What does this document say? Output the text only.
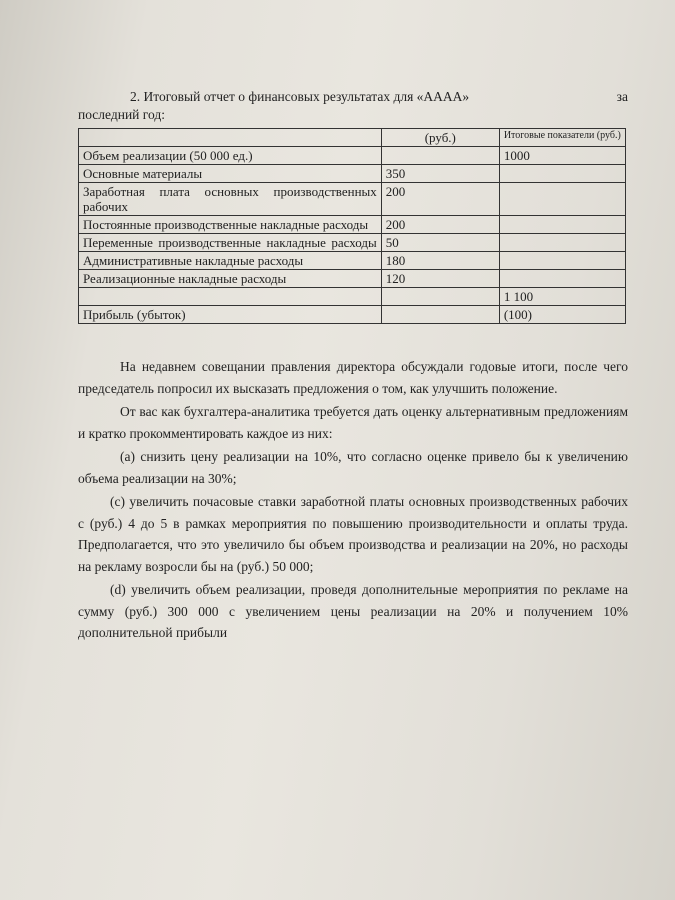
2. Итоговый отчет о финансовых результатах для «АААА»	за
последний год:
	(руб.)	Итоговые показатели (руб.)
Объем реализации (50 000 ед.)		1000
Основные материалы	350	
Заработная плата основных производственных рабочих	200	
Постоянные производственные накладные расходы	200	
Переменные производственные накладные расходы	50	
Административные накладные расходы	180	
Реализационные накладные расходы	120	
		1 100
Прибыль (убыток)		(100)

На недавнем совещании правления директора обсуждали годовые итоги, после чего председатель попросил их высказать предложения о том, как улучшить положение.

От вас как бухгалтера-аналитика требуется дать оценку альтернативным предложениям и кратко прокомментировать каждое из них:

(а) снизить цену реализации на 10%, что согласно оценке привело бы к увеличению объема реализации на 30%;

(с) увеличить почасовые ставки заработной платы основных производственных рабочих с (руб.) 4 до 5 в рамках мероприятия по повышению производительности и оплаты труда. Предполагается, что это увеличило бы объем производства и реализации на 20%, но расходы на рекламу возросли бы на (руб.) 50 000;

(d) увеличить объем реализации, проведя дополнительные мероприятия по рекламе на сумму (руб.) 300 000 с увеличением цены реализации на 20% и получением 10% дополнительной прибыли
